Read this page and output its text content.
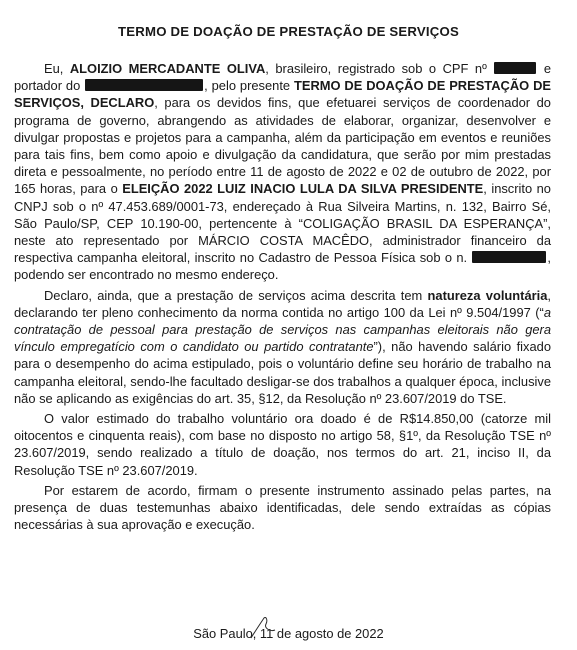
TERMO DE DOAÇÃO DE PRESTAÇÃO DE SERVIÇOS

Eu, ALOIZIO MERCADANTE OLIVA, brasileiro, registrado sob o CPF nº	e portador do	, pelo presente TERMO DE DOAÇÃO DE PRESTAÇÃO DE SERVIÇOS, DECLARO, para os devidos fins, que efetuarei serviços de coordenador do programa de governo, abrangendo as atividades de elaborar, organizar, desenvolver e divulgar propostas e projetos para a campanha, além da participação em eventos e reuniões para tais fins, bem como apoio e divulgação da candidatura, que serão por mim prestadas direta e pessoalmente, no período entre 11 de agosto de 2022 e 02 de outubro de 2022, por 165 horas, para o ELEIÇÃO 2022 LUIZ INACIO LULA DA SILVA PRESIDENTE, inscrito no CNPJ sob o nº 47.453.689/0001-73, endereçado à Rua Silveira Martins, n. 132, Bairro Sé, São Paulo/SP, CEP 10.190-00, pertencente à “COLIGAÇÃO BRASIL DA ESPERANÇA”, neste ato representado por MÁRCIO COSTA MACÊDO, administrador financeiro da respectiva campanha eleitoral, inscrito no Cadastro de Pessoa Física sob o n.	, podendo ser encontrado no mesmo endereço.

Declaro, ainda, que a prestação de serviços acima descrita tem natureza voluntária, declarando ter pleno conhecimento da norma contida no artigo 100 da Lei nº 9.504/1997 (“a contratação de pessoal para prestação de serviços nas campanhas eleitorais não gera vínculo empregatício com o candidato ou partido contratante”), não havendo salário fixado para o desempenho do acima estipulado, pois o voluntário define seu horário de trabalho na campanha eleitoral, sendo-lhe facultado desligar-se dos trabalhos a qualquer época, inclusive não se aplicando as exigências do art. 35, §12, da Resolução nº 23.607/2019 do TSE.

O valor estimado do trabalho voluntário ora doado é de R$14.850,00 (catorze mil oitocentos e cinquenta reais), com base no disposto no artigo 58, §1º, da Resolução TSE nº 23.607/2019, sendo realizado a título de doação, nos termos do art. 21, inciso II, da Resolução TSE nº 23.607/2019.

Por estarem de acordo, firmam o presente instrumento assinado pelas partes, na presença de duas testemunhas abaixo identificadas, dele sendo extraídas as cópias necessárias à sua aprovação e execução.

São Paulo, 11 de agosto de 2022
